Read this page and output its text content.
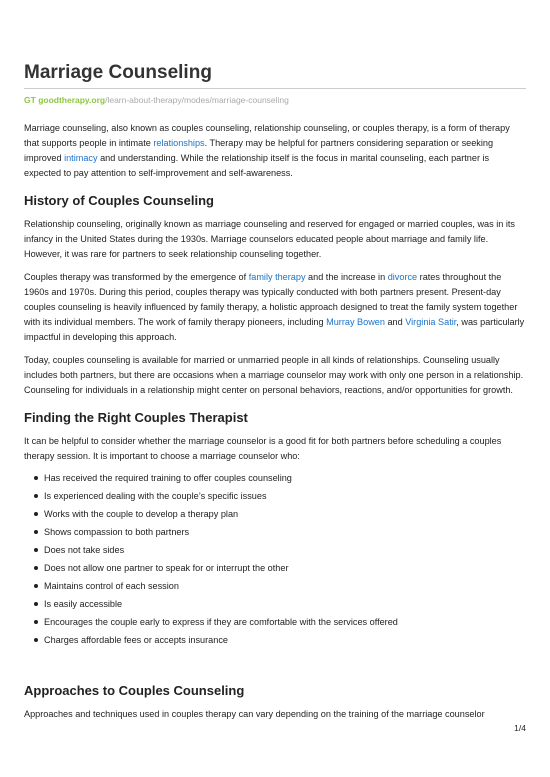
Marriage Counseling
GT goodtherapy.org/learn-about-therapy/modes/marriage-counseling

Marriage counseling, also known as couples counseling, relationship counseling, or couples therapy, is a form of therapy that supports people in intimate relationships. Therapy may be helpful for partners considering separation or seeking improved intimacy and understanding. While the relationship itself is the focus in marital counseling, each partner is expected to pay attention to self-improvement and self-awareness.

History of Couples Counseling

Relationship counseling, originally known as marriage counseling and reserved for engaged or married couples, was in its infancy in the United States during the 1930s. Marriage counselors educated people about marriage and family life. However, it was rare for partners to seek relationship counseling together.

Couples therapy was transformed by the emergence of family therapy and the increase in divorce rates throughout the 1960s and 1970s. During this period, couples therapy was typically conducted with both partners present. Present-day couples counseling is heavily influenced by family therapy, a holistic approach designed to treat the family system together with its individual members. The work of family therapy pioneers, including Murray Bowen and Virginia Satir, was particularly impactful in developing this approach.

Today, couples counseling is available for married or unmarried people in all kinds of relationships. Counseling usually includes both partners, but there are occasions when a marriage counselor may work with only one person in a relationship. Counseling for individuals in a relationship might center on personal behaviors, reactions, and/or opportunities for growth.

Finding the Right Couples Therapist

It can be helpful to consider whether the marriage counselor is a good fit for both partners before scheduling a couples therapy session. It is important to choose a marriage counselor who:

Has received the required training to offer couples counseling
Is experienced dealing with the couple’s specific issues
Works with the couple to develop a therapy plan
Shows compassion to both partners
Does not take sides
Does not allow one partner to speak for or interrupt the other
Maintains control of each session
Is easily accessible
Encourages the couple early to express if they are comfortable with the services offered
Charges affordable fees or accepts insurance
Approaches to Couples Counseling

Approaches and techniques used in couples therapy can vary depending on the training of the marriage counselor

1/4
